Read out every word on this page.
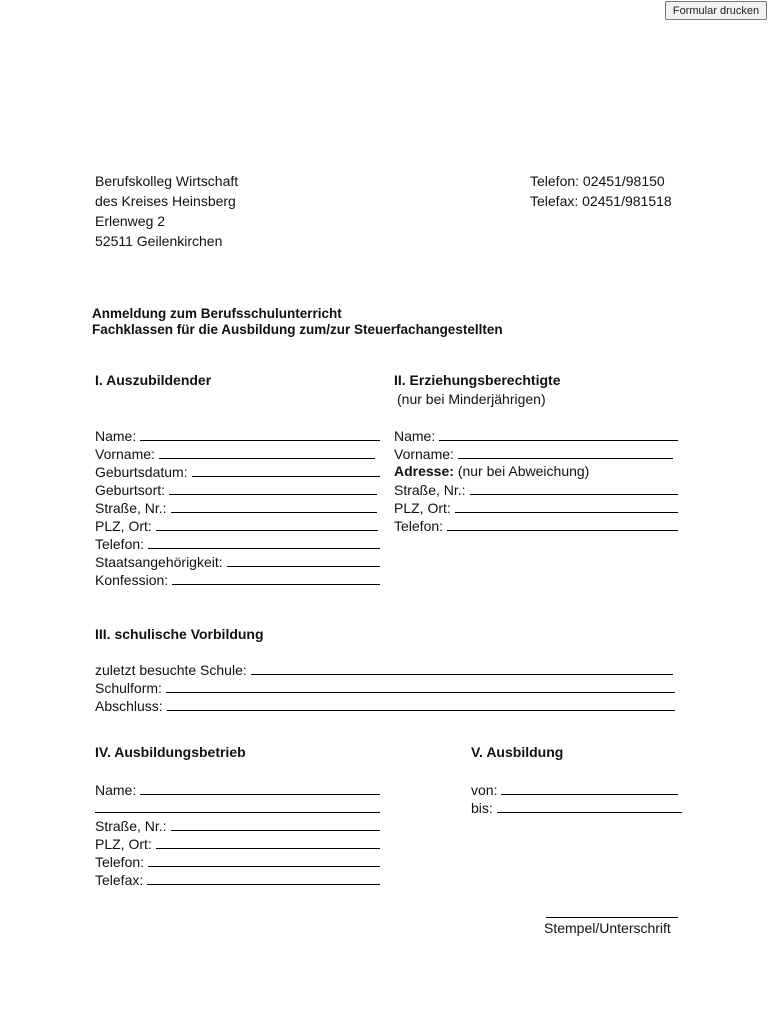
Formular drucken
Berufskolleg Wirtschaft
des Kreises Heinsberg
Erlenweg 2
52511 Geilenkirchen
Telefon: 02451/98150
Telefax: 02451/981518
Anmeldung zum Berufsschulunterricht
Fachklassen für die Ausbildung zum/zur Steuerfachangestellten
I. Auszubildender
Name:
Vorname:
Geburtsdatum:
Geburtsort:
Straße, Nr.:
PLZ, Ort:
Telefon:
Staatsangehörigkeit:
Konfession:
II. Erziehungsberechtigte
(nur bei Minderjährigen)
Name:
Vorname:
Adresse:
(nur bei Abweichung)
Straße, Nr.:
PLZ, Ort:
Telefon:
III. schulische Vorbildung
zuletzt besuchte Schule:
Schulform:
Abschluss:
IV. Ausbildungsbetrieb
Name:
Straße, Nr.:
PLZ, Ort:
Telefon:
Telefax:
V. Ausbildung
von:
bis:
Stempel/Unterschrift
